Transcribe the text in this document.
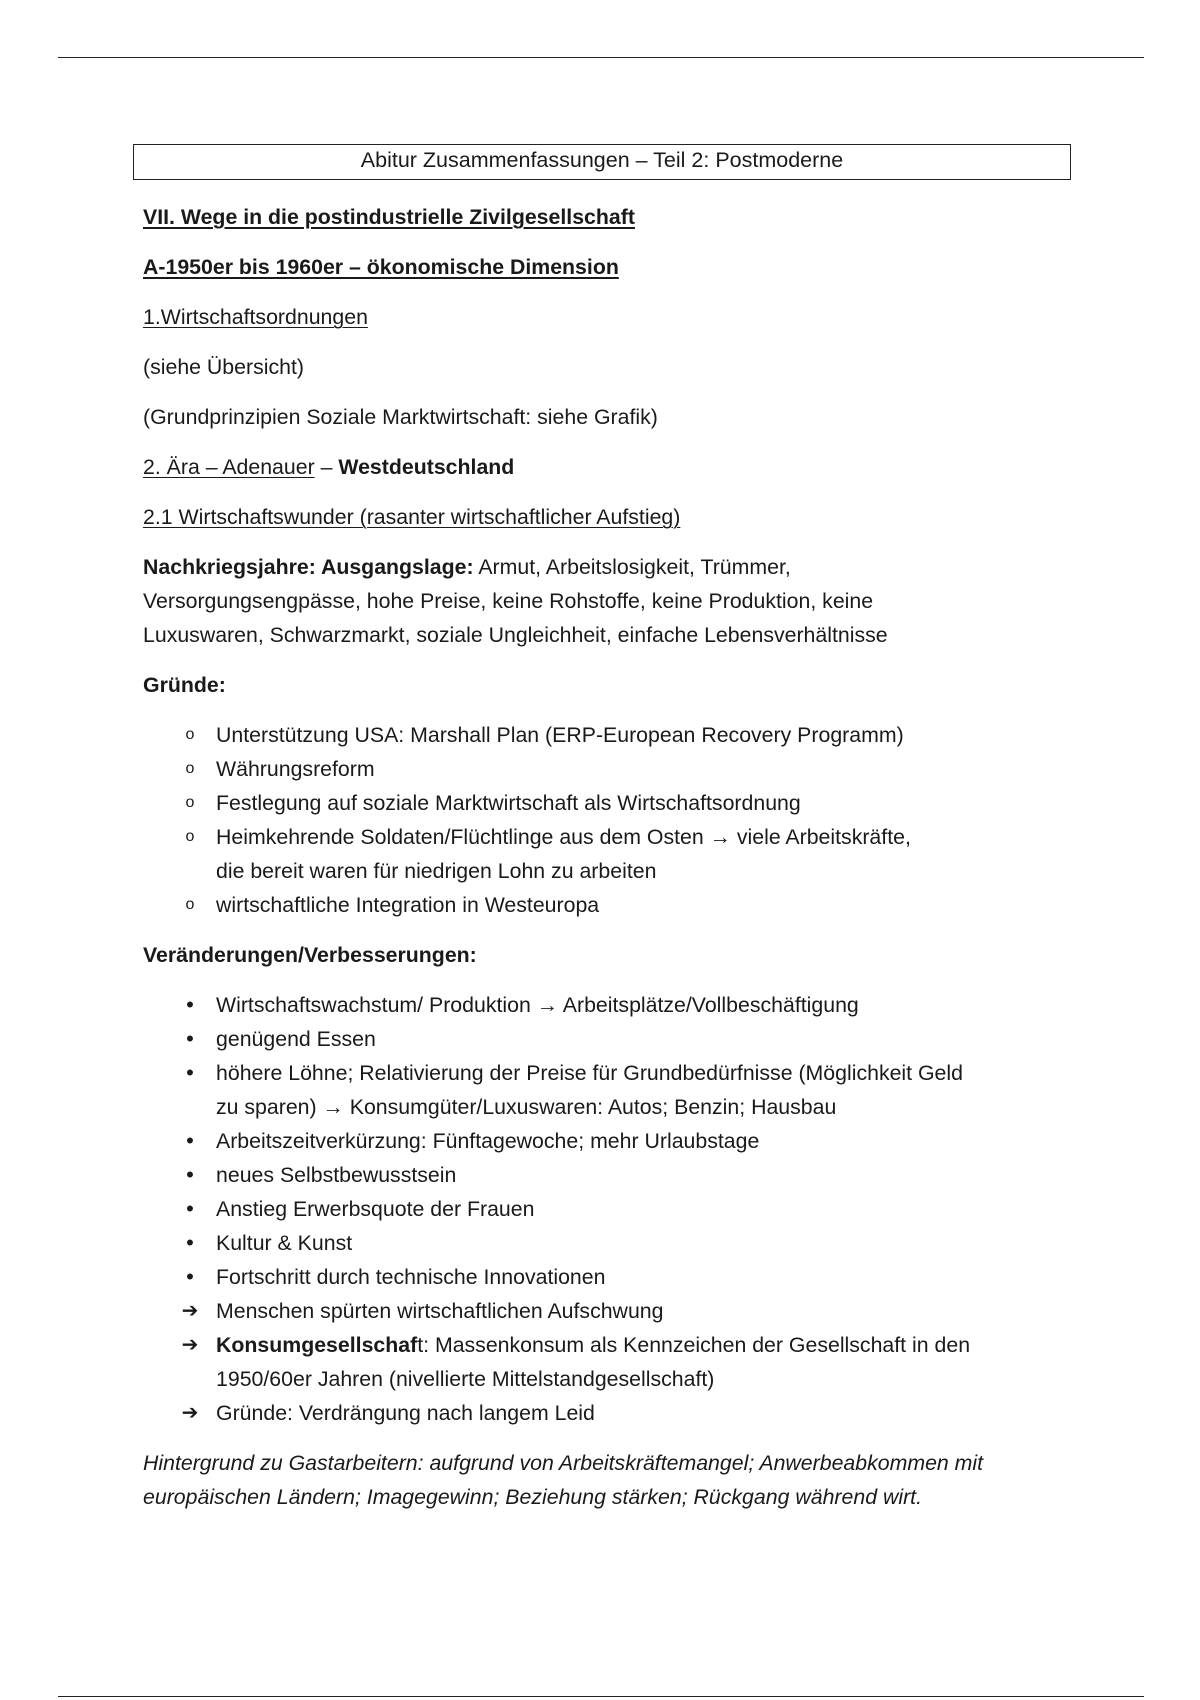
Abitur Zusammenfassungen – Teil 2: Postmoderne

VII. Wege in die postindustrielle Zivilgesellschaft

A-1950er bis 1960er – ökonomische Dimension

1.Wirtschaftsordnungen

(siehe Übersicht)

(Grundprinzipien Soziale Marktwirtschaft: siehe Grafik)

2. Ära – Adenauer – Westdeutschland

2.1 Wirtschaftswunder (rasanter wirtschaftlicher Aufstieg)

Nachkriegsjahre: Ausgangslage: Armut, Arbeitslosigkeit, Trümmer, Versorgungsengpässe, hohe Preise, keine Rohstoffe, keine Produktion, keine Luxuswaren, Schwarzmarkt, soziale Ungleichheit, einfache Lebensverhältnisse

Gründe:

o Unterstützung USA: Marshall Plan (ERP-European Recovery Programm)
o Währungsreform
o Festlegung auf soziale Marktwirtschaft als Wirtschaftsordnung
o Heimkehrende Soldaten/Flüchtlinge aus dem Osten → viele Arbeitskräfte, die bereit waren für niedrigen Lohn zu arbeiten
o wirtschaftliche Integration in Westeuropa

Veränderungen/Verbesserungen:

• Wirtschaftswachstum/ Produktion → Arbeitsplätze/Vollbeschäftigung
• genügend Essen
• höhere Löhne; Relativierung der Preise für Grundbedürfnisse (Möglichkeit Geld zu sparen) → Konsumgüter/Luxuswaren: Autos; Benzin; Hausbau
• Arbeitszeitverkürzung: Fünftagewoche; mehr Urlaubstage
• neues Selbstbewusstsein
• Anstieg Erwerbsquote der Frauen
• Kultur & Kunst
• Fortschritt durch technische Innovationen
➔ Menschen spürten wirtschaftlichen Aufschwung
➔ Konsumgesellschaft: Massenkonsum als Kennzeichen der Gesellschaft in den 1950/60er Jahren (nivellierte Mittelstandgesellschaft)
➔ Gründe: Verdrängung nach langem Leid

Hintergrund zu Gastarbeitern: aufgrund von Arbeitskräftemangel; Anwerbeabkommen mit europäischen Ländern; Imagegewinn; Beziehung stärken; Rückgang während wirt.
